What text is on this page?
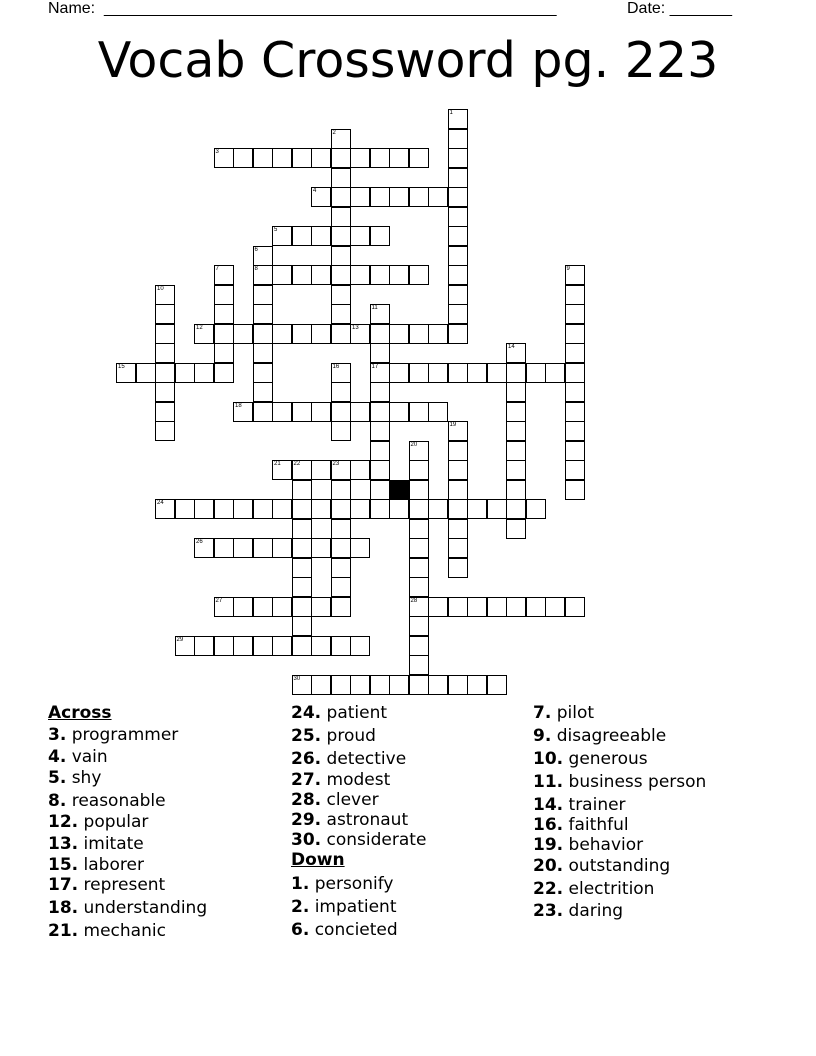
Name: ____________________________________________________	Date: _______
Vocab Crossword pg. 223
3
4
5
8
12	13
15	17
18
21 22	23
24
26
27	28
29
30
1
2
6
7	9
10
11
14
16
19
20
Across
3. programmer
4. vain
5. shy
8. reasonable
12. popular
13. imitate
15. laborer
17. represent
18. understanding
21. mechanic
24. patient
25. proud
26. detective
27. modest
28. clever
29. astronaut
30. considerate
Down
1. personify
2. impatient
6. concieted
7. pilot
9. disagreeable
10. generous
11. business person
14. trainer
16. faithful
19. behavior
20. outstanding
22. electrition
23. daring
